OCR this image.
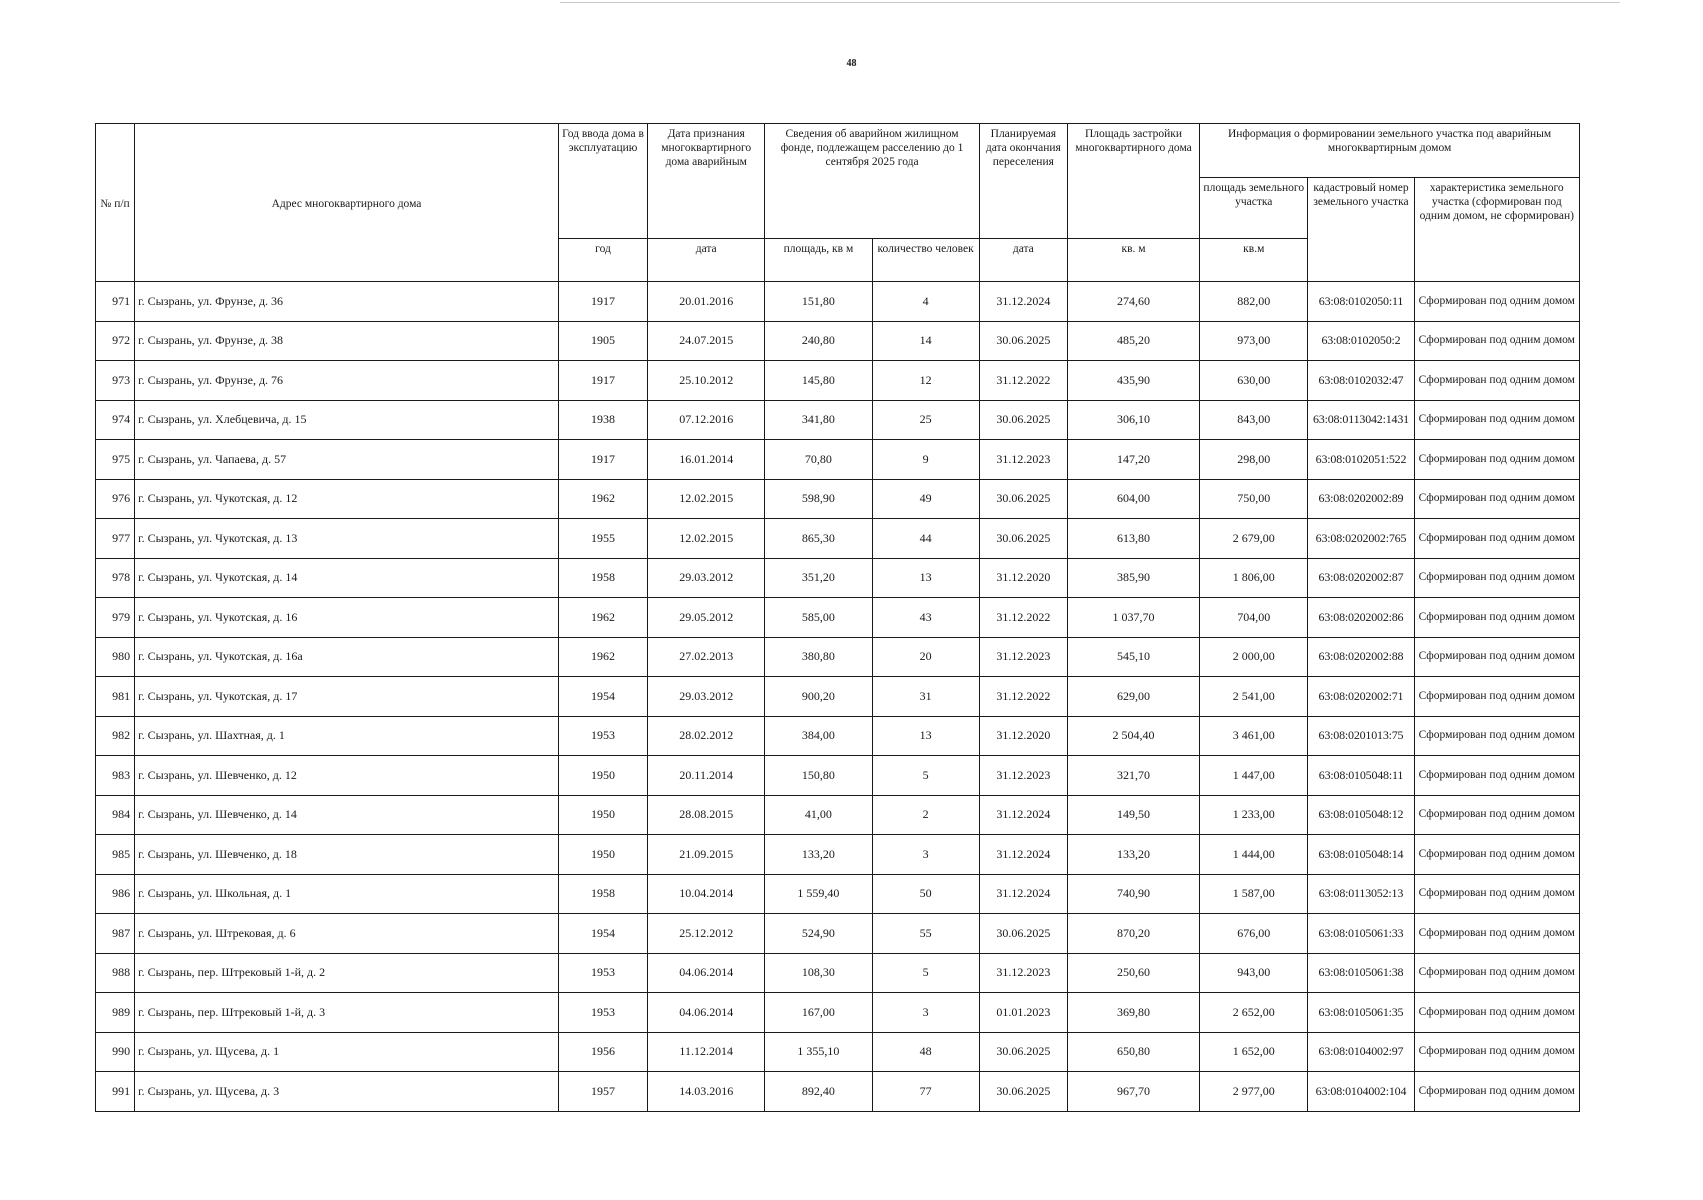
48
№ п/п	Адрес многоквартирного дома	Год ввода дома в эксплуатацию	Дата признания многоквартирного дома аварийным	Сведения об аварийном жилищном фонде, подлежащем расселению до 1 сентября 2025 года		Планируемая дата окончания переселения	Площадь застройки многоквартирного дома	Информация о формировании земельного участка под аварийным многоквартирным домом		
								площадь земельного участка	кадастровый номер земельного участка	характеристика земельного участка (сформирован под одним домом, не сформирован)
		год	дата	площадь, кв м	количество человек	дата	кв. м	кв.м		
971	г. Сызрань, ул. Фрунзе, д. 36	1917	20.01.2016	151,80	4	31.12.2024	274,60	882,00	63:08:0102050:11	Сформирован под одним домом
972	г. Сызрань, ул. Фрунзе, д. 38	1905	24.07.2015	240,80	14	30.06.2025	485,20	973,00	63:08:0102050:2	Сформирован под одним домом
973	г. Сызрань, ул. Фрунзе, д. 76	1917	25.10.2012	145,80	12	31.12.2022	435,90	630,00	63:08:0102032:47	Сформирован под одним домом
974	г. Сызрань, ул. Хлебцевича, д. 15	1938	07.12.2016	341,80	25	30.06.2025	306,10	843,00	63:08:0113042:1431	Сформирован под одним домом
975	г. Сызрань, ул. Чапаева, д. 57	1917	16.01.2014	70,80	9	31.12.2023	147,20	298,00	63:08:0102051:522	Сформирован под одним домом
976	г. Сызрань, ул. Чукотская, д. 12	1962	12.02.2015	598,90	49	30.06.2025	604,00	750,00	63:08:0202002:89	Сформирован под одним домом
977	г. Сызрань, ул. Чукотская, д. 13	1955	12.02.2015	865,30	44	30.06.2025	613,80	2 679,00	63:08:0202002:765	Сформирован под одним домом
978	г. Сызрань, ул. Чукотская, д. 14	1958	29.03.2012	351,20	13	31.12.2020	385,90	1 806,00	63:08:0202002:87	Сформирован под одним домом
979	г. Сызрань, ул. Чукотская, д. 16	1962	29.05.2012	585,00	43	31.12.2022	1 037,70	704,00	63:08:0202002:86	Сформирован под одним домом
980	г. Сызрань, ул. Чукотская, д. 16а	1962	27.02.2013	380,80	20	31.12.2023	545,10	2 000,00	63:08:0202002:88	Сформирован под одним домом
981	г. Сызрань, ул. Чукотская, д. 17	1954	29.03.2012	900,20	31	31.12.2022	629,00	2 541,00	63:08:0202002:71	Сформирован под одним домом
982	г. Сызрань, ул. Шахтная, д. 1	1953	28.02.2012	384,00	13	31.12.2020	2 504,40	3 461,00	63:08:0201013:75	Сформирован под одним домом
983	г. Сызрань, ул. Шевченко, д. 12	1950	20.11.2014	150,80	5	31.12.2023	321,70	1 447,00	63:08:0105048:11	Сформирован под одним домом
984	г. Сызрань, ул. Шевченко, д. 14	1950	28.08.2015	41,00	2	31.12.2024	149,50	1 233,00	63:08:0105048:12	Сформирован под одним домом
985	г. Сызрань, ул. Шевченко, д. 18	1950	21.09.2015	133,20	3	31.12.2024	133,20	1 444,00	63:08:0105048:14	Сформирован под одним домом
986	г. Сызрань, ул. Школьная, д. 1	1958	10.04.2014	1 559,40	50	31.12.2024	740,90	1 587,00	63:08:0113052:13	Сформирован под одним домом
987	г. Сызрань, ул. Штрековая, д. 6	1954	25.12.2012	524,90	55	30.06.2025	870,20	676,00	63:08:0105061:33	Сформирован под одним домом
988	г. Сызрань, пер. Штрековый 1-й, д. 2	1953	04.06.2014	108,30	5	31.12.2023	250,60	943,00	63:08:0105061:38	Сформирован под одним домом
989	г. Сызрань, пер. Штрековый 1-й, д. 3	1953	04.06.2014	167,00	3	01.01.2023	369,80	2 652,00	63:08:0105061:35	Сформирован под одним домом
990	г. Сызрань, ул. Щусева, д. 1	1956	11.12.2014	1 355,10	48	30.06.2025	650,80	1 652,00	63:08:0104002:97	Сформирован под одним домом
991	г. Сызрань, ул. Щусева, д. 3	1957	14.03.2016	892,40	77	30.06.2025	967,70	2 977,00	63:08:0104002:104	Сформирован под одним домом
